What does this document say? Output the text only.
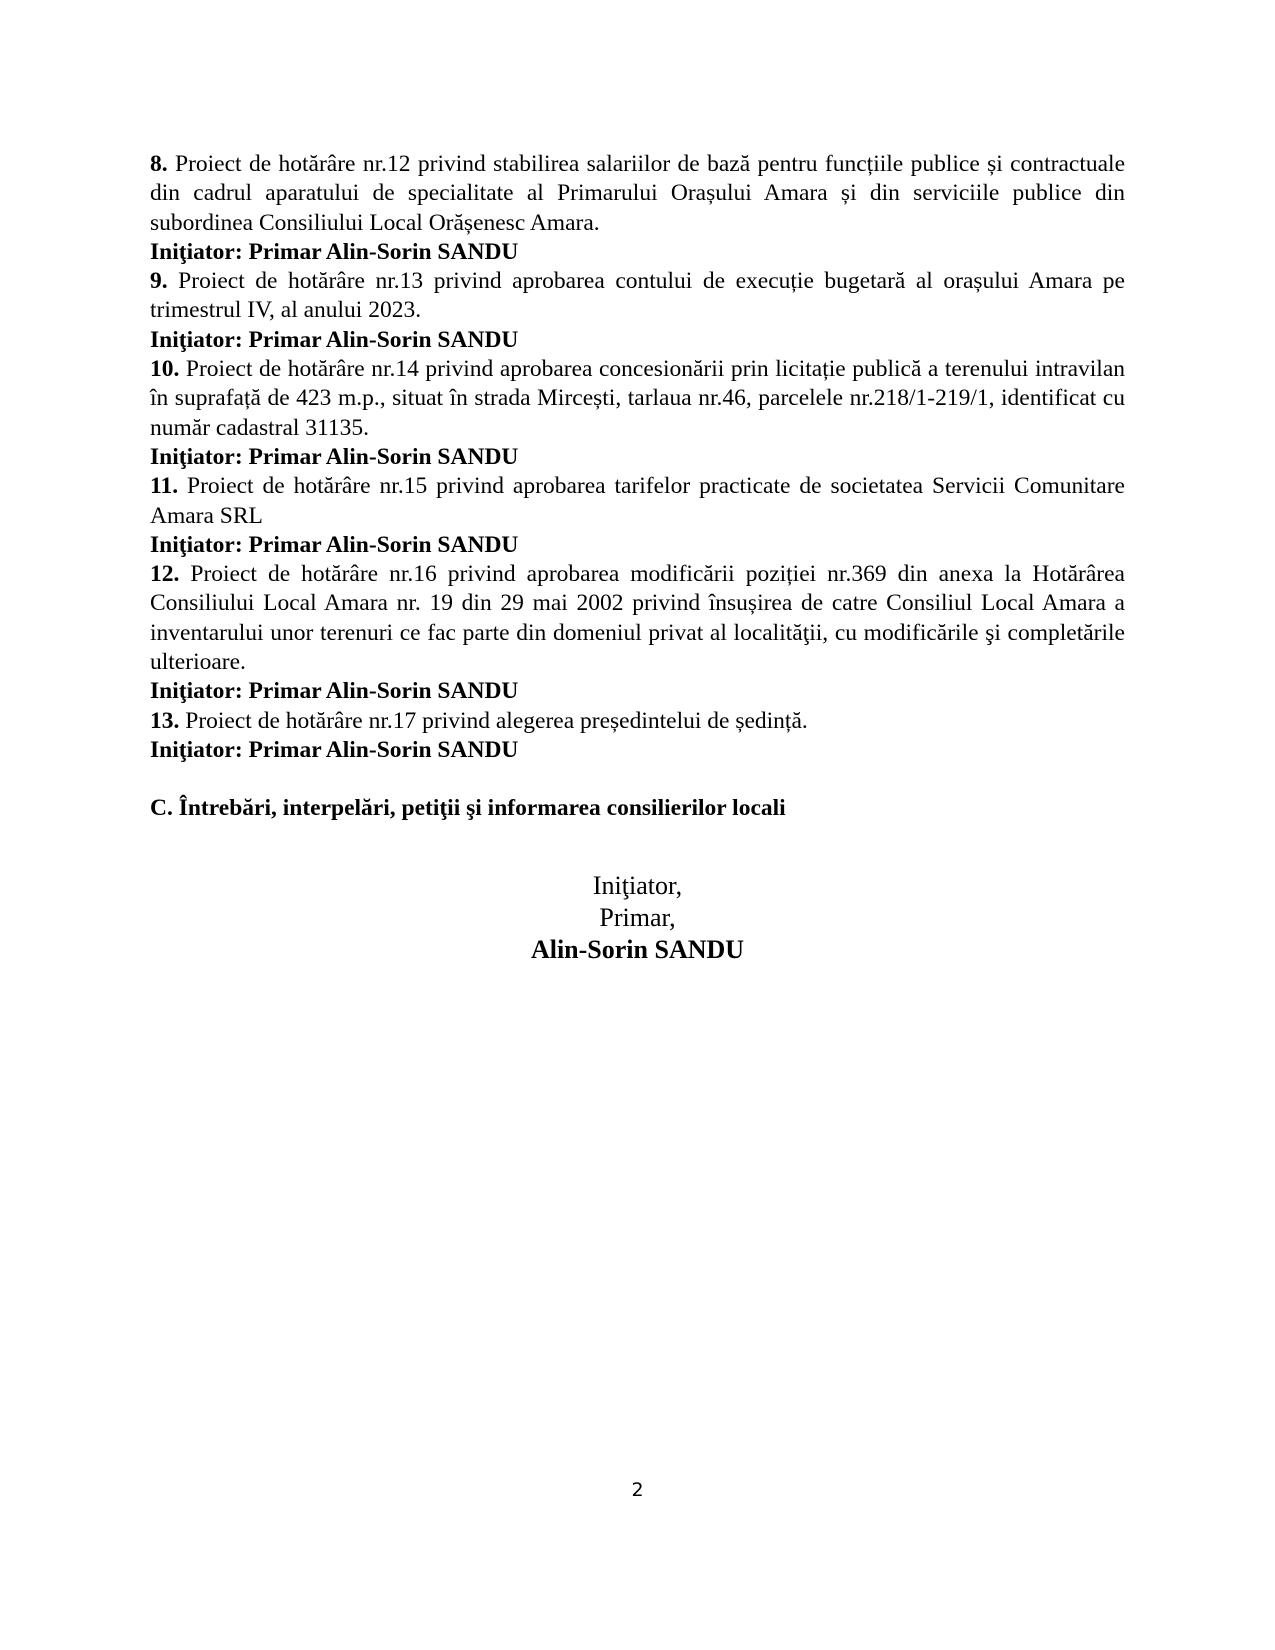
8. Proiect de hotărâre nr.12 privind stabilirea salariilor de bază pentru funcțiile publice și contractuale din cadrul aparatului de specialitate al Primarului Orașului Amara și din serviciile publice din subordinea Consiliului Local Orășenesc Amara.

Iniţiator: Primar Alin-Sorin SANDU

9. Proiect de hotărâre nr.13 privind aprobarea contului de execuție bugetară al orașului Amara pe trimestrul IV, al anului 2023.

Iniţiator: Primar Alin-Sorin SANDU

10. Proiect de hotărâre nr.14 privind aprobarea concesionării prin licitație publică a terenului intravilan în suprafață de 423 m.p., situat în strada Mircești, tarlaua nr.46, parcelele nr.218/1-219/1, identificat cu număr cadastral 31135.

Iniţiator: Primar Alin-Sorin SANDU

11. Proiect de hotărâre nr.15 privind aprobarea tarifelor practicate de societatea Servicii Comunitare Amara SRL

Iniţiator: Primar Alin-Sorin SANDU

12. Proiect de hotărâre nr.16 privind aprobarea modificării poziției nr.369 din anexa la Hotărârea Consiliului Local Amara nr. 19 din 29 mai 2002 privind însușirea de catre Consiliul Local Amara a inventarului unor terenuri ce fac parte din domeniul privat al localităţii, cu modificările şi completările ulterioare.

Iniţiator: Primar Alin-Sorin SANDU

13. Proiect de hotărâre nr.17 privind alegerea președintelui de ședință.

Iniţiator: Primar Alin-Sorin SANDU

C. Întrebări, interpelări, petiţii şi informarea consilierilor locali

Iniţiator,
Primar,
Alin-Sorin SANDU
2
